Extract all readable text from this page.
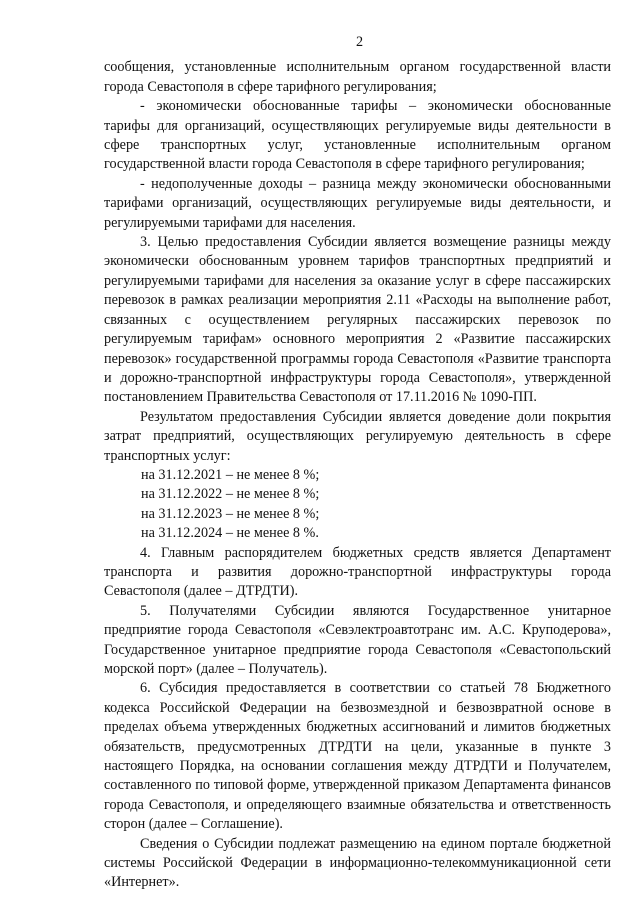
2

сообщения, установленные исполнительным органом государственной власти города Севастополя в сфере тарифного регулирования;

- экономически обоснованные тарифы – экономически обоснованные тарифы для организаций, осуществляющих регулируемые виды деятельности в сфере транспортных услуг, установленные исполнительным органом государственной власти города Севастополя в сфере тарифного регулирования;

- недополученные доходы – разница между экономически обоснованными тарифами организаций, осуществляющих регулируемые виды деятельности, и регулируемыми тарифами для населения.

3. Целью предоставления Субсидии является возмещение разницы между экономически обоснованным уровнем тарифов транспортных предприятий и регулируемыми тарифами для населения за оказание услуг в сфере пассажирских перевозок в рамках реализации мероприятия 2.11 «Расходы на выполнение работ, связанных с осуществлением регулярных пассажирских перевозок по регулируемым тарифам» основного мероприятия 2 «Развитие пассажирских перевозок» государственной программы города Севастополя «Развитие транспорта и дорожно-транспортной инфраструктуры города Севастополя», утвержденной постановлением Правительства Севастополя от 17.11.2016 № 1090-ПП.

Результатом предоставления Субсидии является доведение доли покрытия затрат предприятий, осуществляющих регулируемую деятельность в сфере транспортных услуг:

на 31.12.2021 – не менее 8 %;

на 31.12.2022 – не менее 8 %;

на 31.12.2023 – не менее 8 %;

на 31.12.2024 – не менее 8 %.

4. Главным распорядителем бюджетных средств является Департамент транспорта и развития дорожно-транспортной инфраструктуры города Севастополя (далее – ДТРДТИ).

5. Получателями Субсидии являются Государственное унитарное предприятие города Севастополя «Севэлектроавтотранс им. А.С. Круподерова», Государственное унитарное предприятие города Севастополя «Севастопольский морской порт» (далее – Получатель).

6. Субсидия предоставляется в соответствии со статьей 78 Бюджетного кодекса Российской Федерации на безвозмездной и безвозвратной основе в пределах объема утвержденных бюджетных ассигнований и лимитов бюджетных обязательств, предусмотренных ДТРДТИ на цели, указанные в пункте 3 настоящего Порядка, на основании соглашения между ДТРДТИ и Получателем, составленного по типовой форме, утвержденной приказом Департамента финансов города Севастополя, и определяющего взаимные обязательства и ответственность сторон (далее – Соглашение).

Сведения о Субсидии подлежат размещению на едином портале бюджетной системы Российской Федерации в информационно-телекоммуникационной сети «Интернет».
